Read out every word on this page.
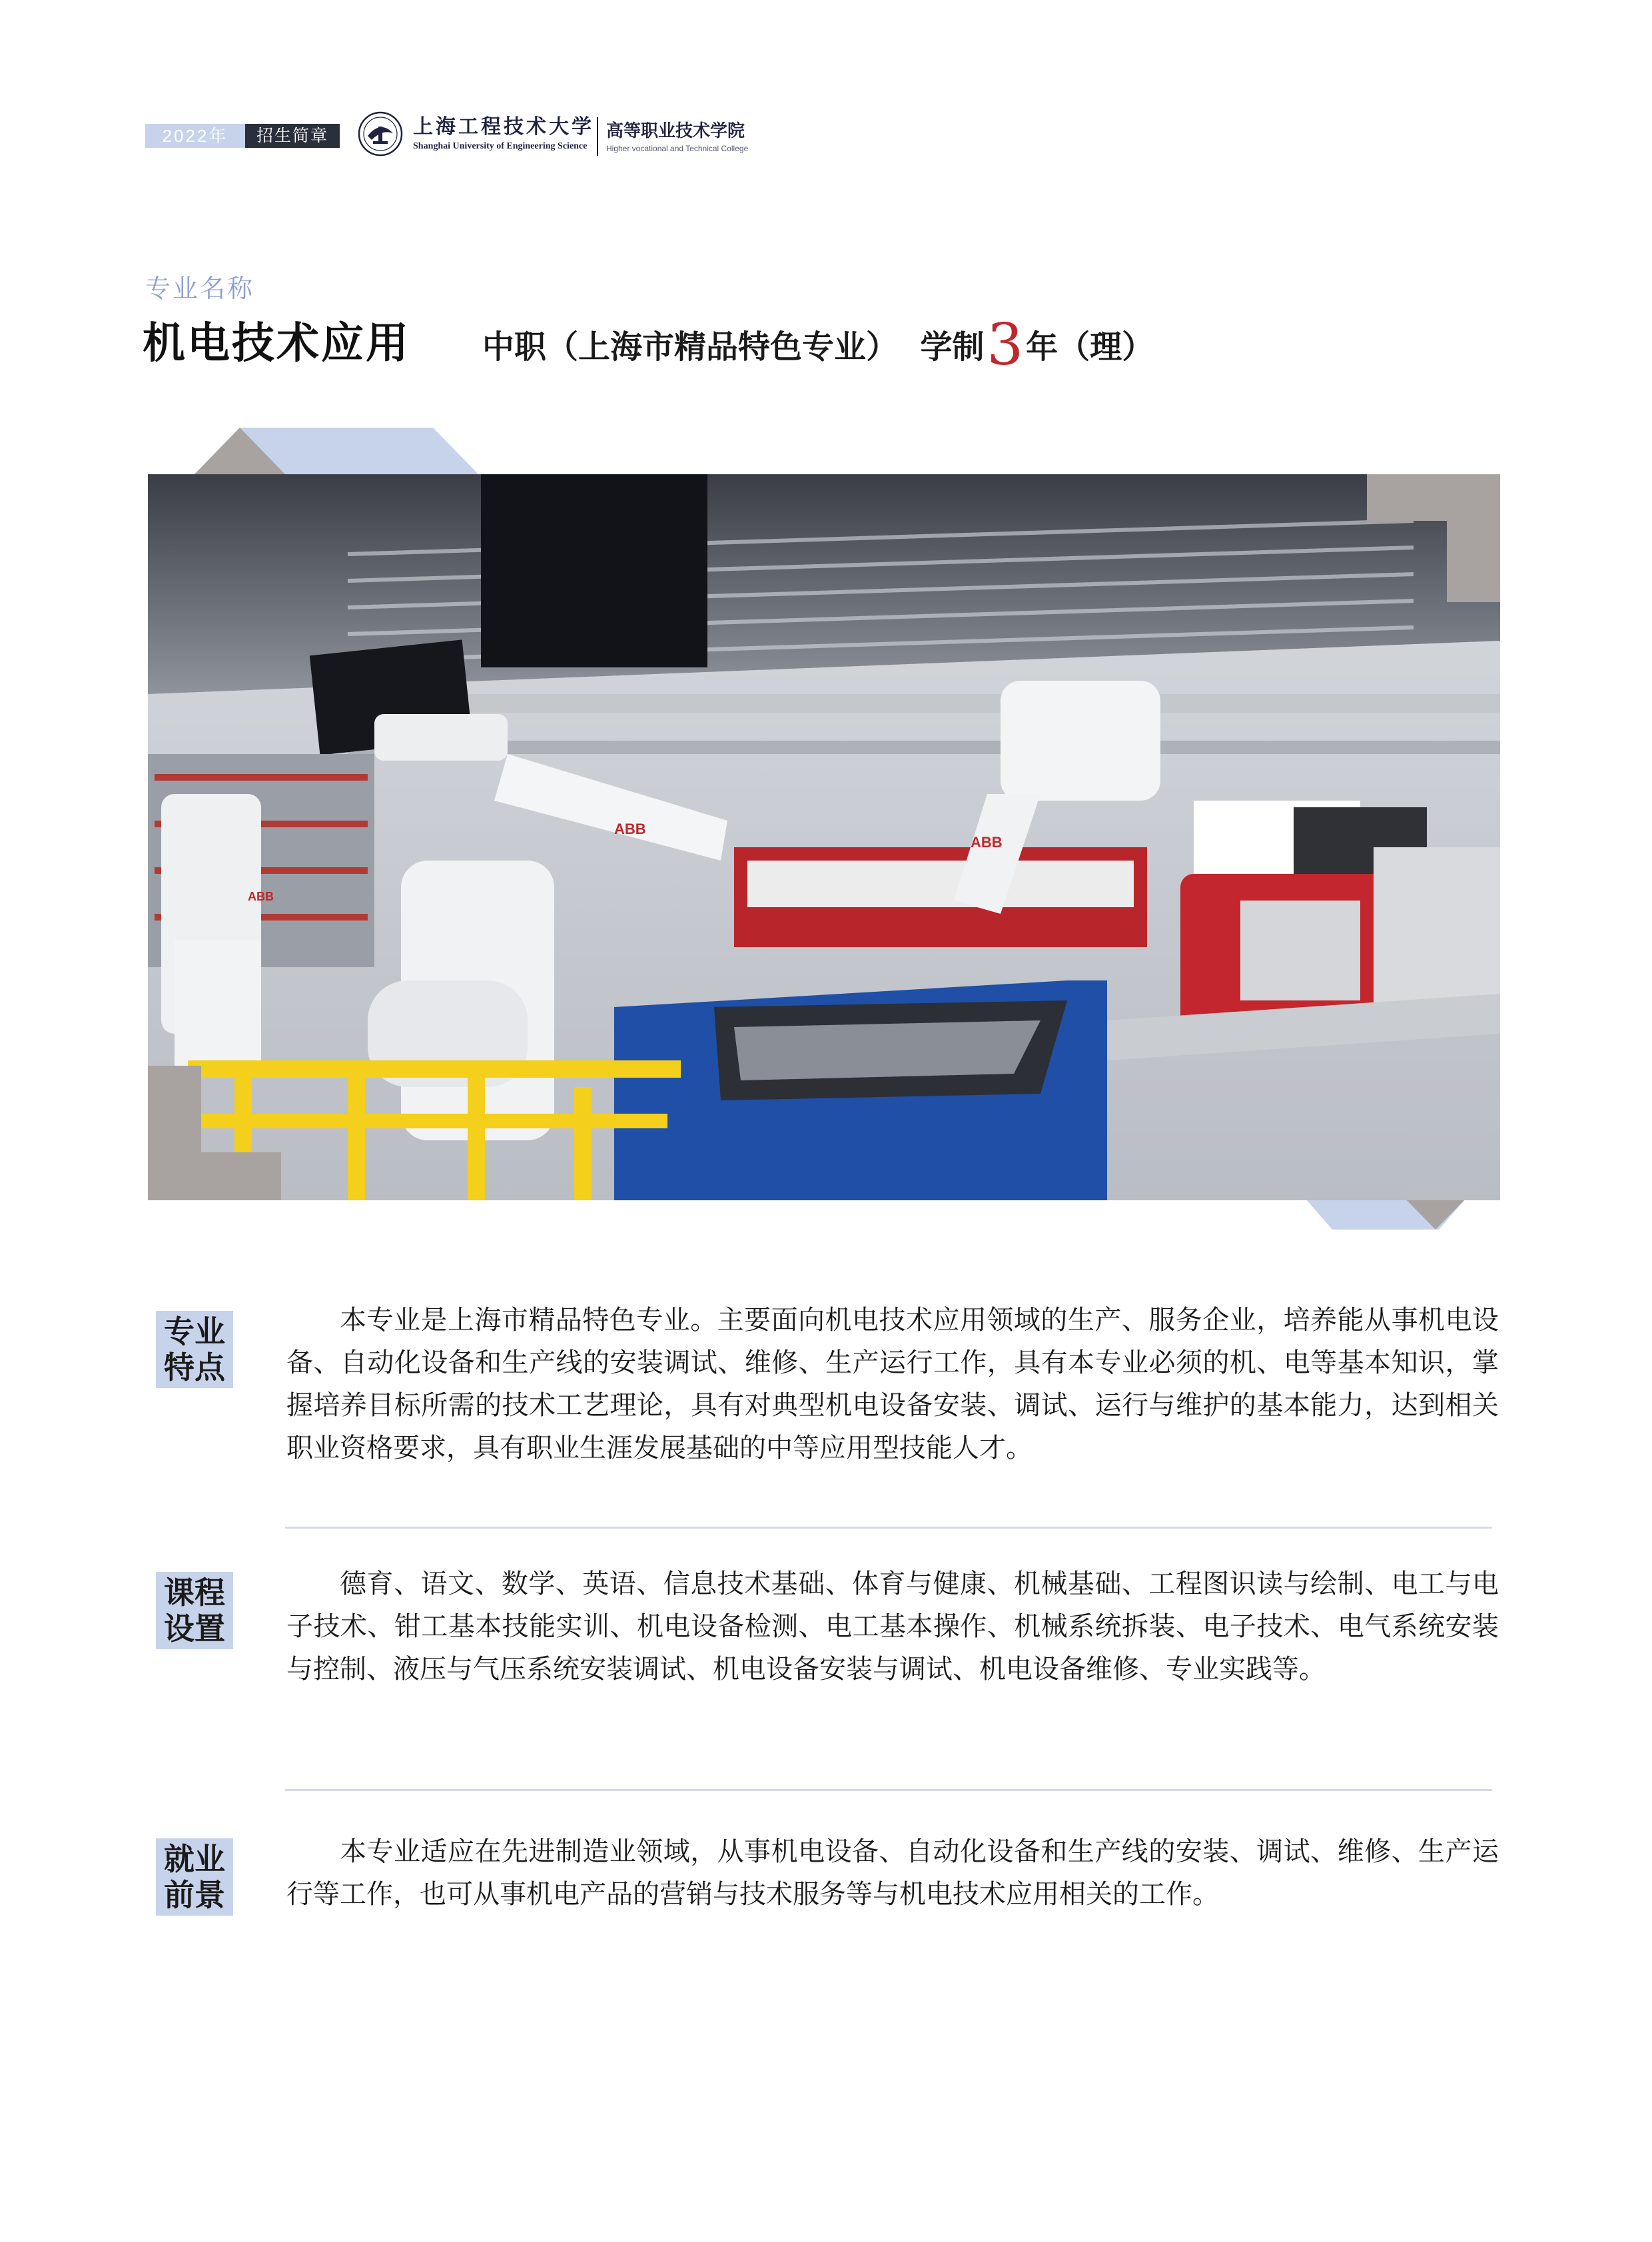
2022年	招生简章	上海工程技术大学
Shanghai University of Engineering Science
高等职业技术学院
Higher vocational and Technical College
专业名称
机电技术应用 中职（上海市精品特色专业） 学制3年（理）
ABB
ABB
ABB
专业
特点
本专业是上海市精品特色专业。主要面向机电技术应用领域的生产、服务企业，培养能从事机电设备、自动化设备和生产线的安装调试、维修、生产运行工作，具有本专业必须的机、电等基本知识，掌握培养目标所需的技术工艺理论，具有对典型机电设备安装、调试、运行与维护的基本能力，达到相关职业资格要求，具有职业生涯发展基础的中等应用型技能人才。
课程
设置
德育、语文、数学、英语、信息技术基础、体育与健康、机械基础、工程图识读与绘制、电工与电子技术、钳工基本技能实训、机电设备检测、电工基本操作、机械系统拆装、电子技术、电气系统安装与控制、液压与气压系统安装调试、机电设备安装与调试、机电设备维修、专业实践等。
就业
前景
本专业适应在先进制造业领域，从事机电设备、自动化设备和生产线的安装、调试、维修、生产运行等工作，也可从事机电产品的营销与技术服务等与机电技术应用相关的工作。
